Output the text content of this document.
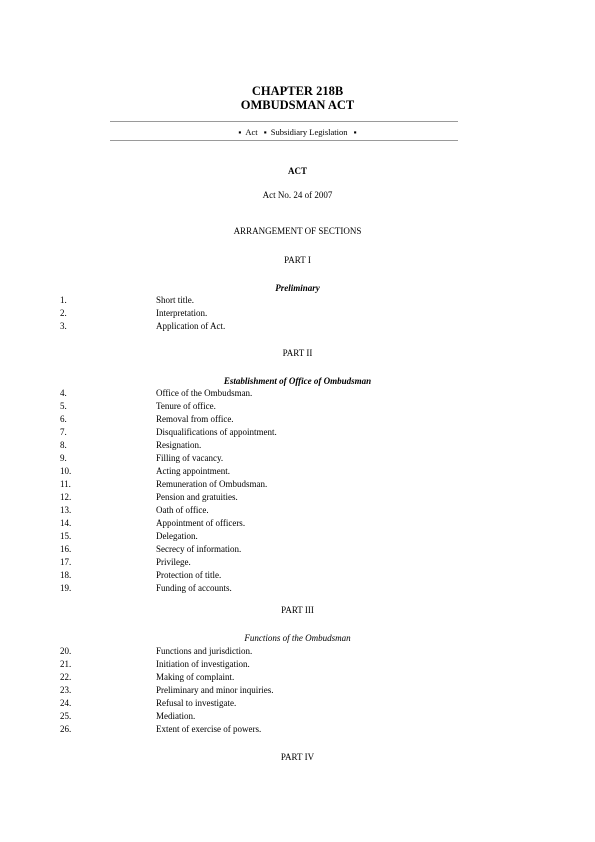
CHAPTER 218B
OMBUDSMAN ACT
▪ Act ▪ Subsidiary Legislation ▪
ACT
Act No. 24 of 2007
ARRANGEMENT OF SECTIONS
PART I
Preliminary
1.	Short title.
2.	Interpretation.
3.	Application of Act.
PART II
Establishment of Office of Ombudsman
4.	Office of the Ombudsman.
5.	Tenure of office.
6.	Removal from office.
7.	Disqualifications of appointment.
8.	Resignation.
9.	Filling of vacancy.
10.	Acting appointment.
11.	Remuneration of Ombudsman.
12.	Pension and gratuities.
13.	Oath of office.
14.	Appointment of officers.
15.	Delegation.
16.	Secrecy of information.
17.	Privilege.
18.	Protection of title.
19.	Funding of accounts.
PART III
Functions of the Ombudsman
20.	Functions and jurisdiction.
21.	Initiation of investigation.
22.	Making of complaint.
23.	Preliminary and minor inquiries.
24.	Refusal to investigate.
25.	Mediation.
26.	Extent of exercise of powers.
PART IV
